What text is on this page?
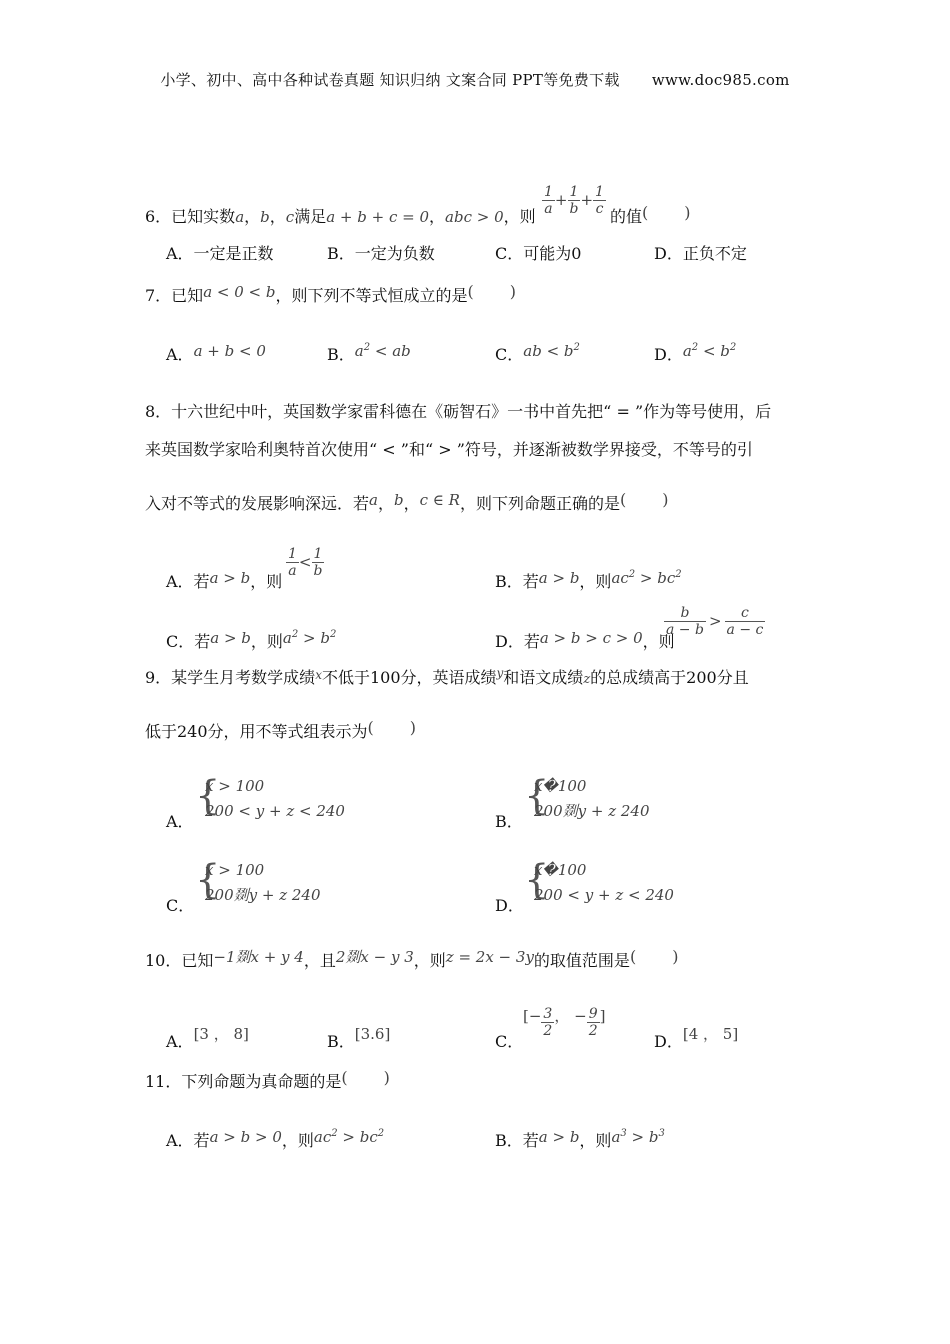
小学、初中、高中各种试卷真题 知识归纳 文案合同 PPT等免费下载 www.doc985.com
6．已知实数a，b，c满足a + b + c = 0，abc > 0，则 $\frac{1}{a} + \frac{1}{b} + \frac{1}{c}$ 的值( )
A．一定是正数	B．一定为负数	C．可能为0	D．正负不定
7．已知a < 0 < b，则下列不等式恒成立的是( )
A．a + b < 0	B．$a^2$ < ab	C．ab < $b^2$	D．$a^2 < b^2$
8．十六世纪中叶，英国数学家雷科德在《砺智石》一书中首先把“ = ”作为等号使用，后
来英国数学家哈利奥特首次使用“ < ”和“ > ”符号，并逐渐被数学界接受，不等号的引
入对不等式的发展影响深远．若a，b，c ∈ R，则下列命题正确的是( )
A．若a > b，则
$\frac{1}{a} < \frac{1}{b}$
B．若a > b，则$ac^2 > bc^2$
C．若a > b，则$a^2 > b^2$	D．若a > b > c > 0，则
$\frac{b}{a - b} > \frac{c}{a - c}$
9．某学生月考数学成绩$^x$不低于100分，英语成绩$^y$和语文成绩z的总成绩高于200分且
低于240分，用不等式组表示为( )
A．
{
x > 100
200 < y + z < 240
B．
{
x�100
200剟y + z 240
C．
{
x > 100
200剟y + z 240
D．
{
x�100
200 < y + z < 240
10．已知−1剟x + y 4，且2剟x − y 3，则z = 2x − 3y的取值范围是( )
A．[3 ， 8]	B．[3.6]	C．
[− $\frac{3}{2}$ ， − $\frac{9}{2}$ ]
D．[4 ， 5]
11．下列命题为真命题的是( )
A．若a > b > 0，则$ac^2 > bc^2$	B．若a > b，则$a^3 > b^3$
